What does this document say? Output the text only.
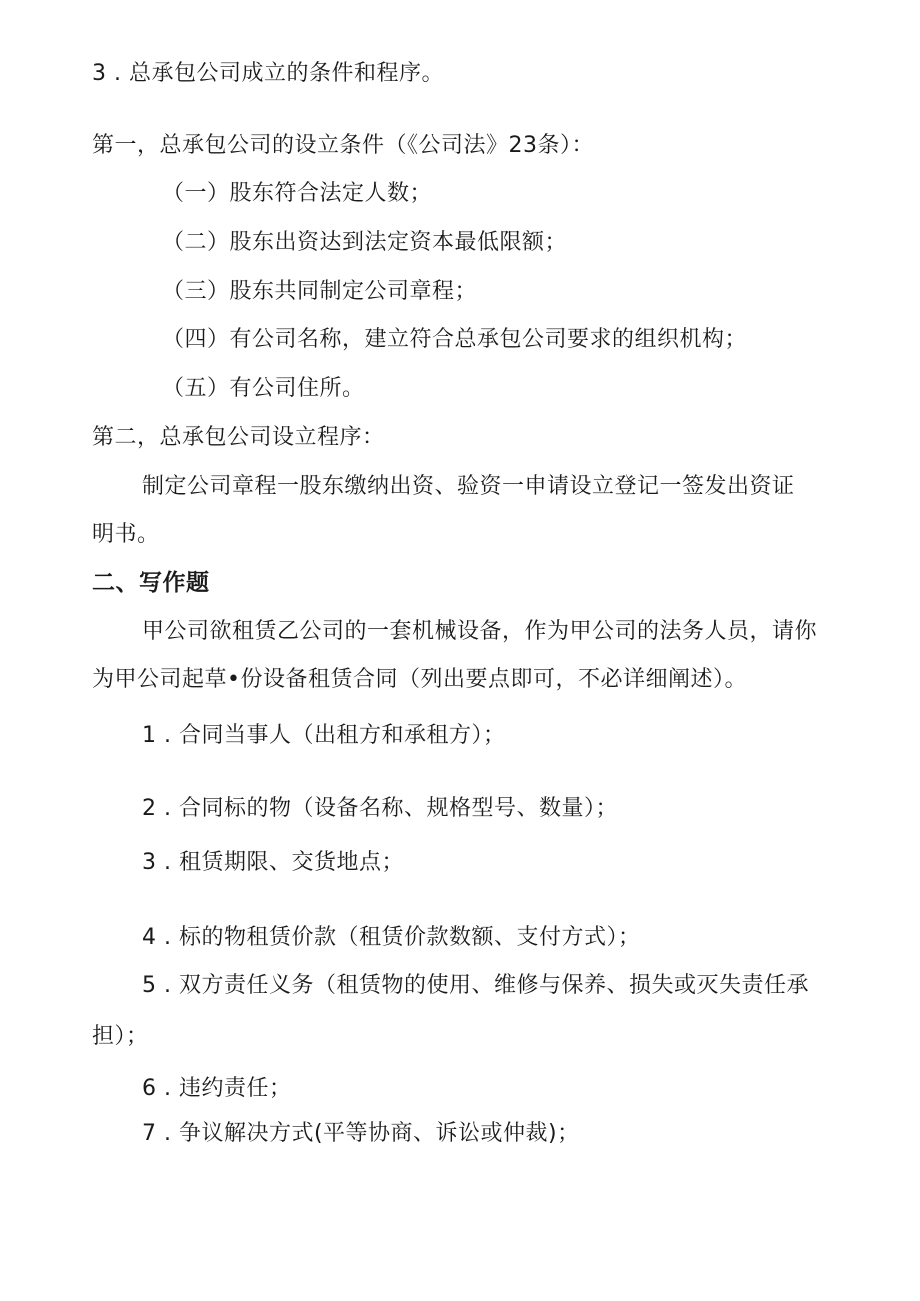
3 . 总承包公司成立的条件和程序。
第一，总承包公司的设立条件（《公司法》23条）：
（一）股东符合法定人数；
（二）股东出资达到法定资本最低限额；
（三）股东共同制定公司章程；
（四）有公司名称，建立符合总承包公司要求的组织机构；
（五）有公司住所。
第二，总承包公司设立程序：
制定公司章程一股东缴纳出资、验资一申请设立登记一签发出资证
明书。
二、写作题
甲公司欲租赁乙公司的一套机械设备，作为甲公司的法务人员，请你
为甲公司起草•份设备租赁合同（列出要点即可，不必详细阐述）。
1 . 合同当事人（出租方和承租方）；
2 . 合同标的物（设备名称、规格型号、数量）；
3 . 租赁期限、交货地点；
4 . 标的物租赁价款（租赁价款数额、支付方式）；
5 . 双方责任义务（租赁物的使用、维修与保养、损失或灭失责任承
担）；
6 . 违约责任；
7 . 争议解决方式(平等协商、诉讼或仲裁)；
